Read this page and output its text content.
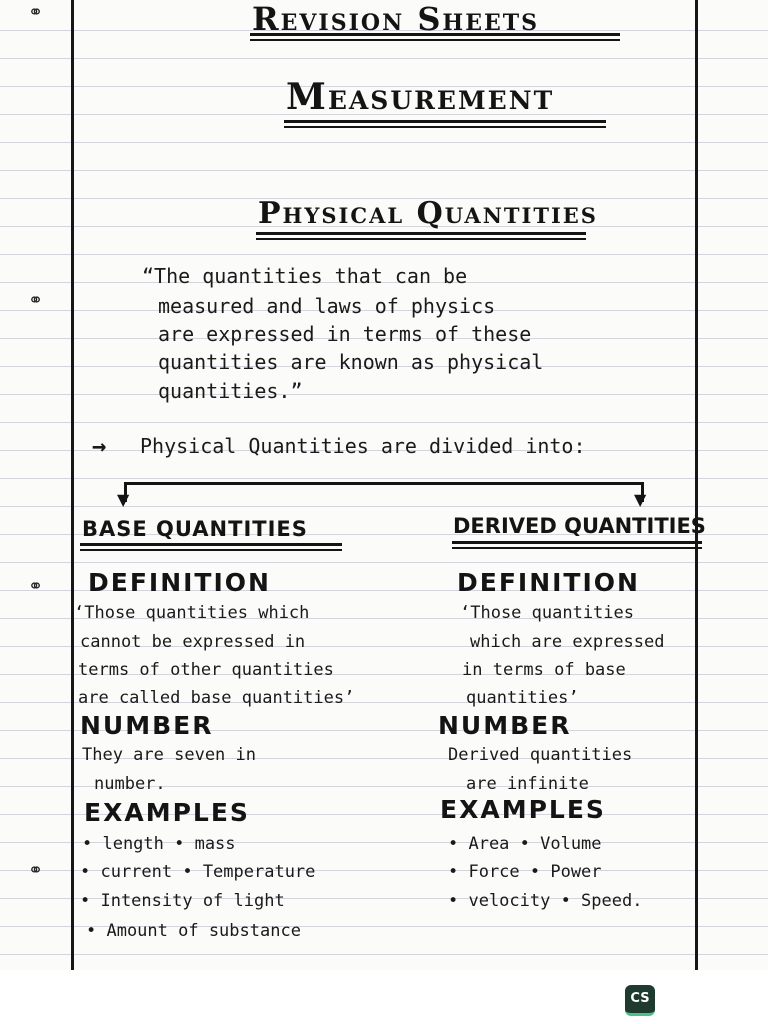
⚭
⚭
⚭
⚭
Revision Sheets
Measurement
Physical Quantities
“The quantities that can be
measured and laws of physics
are expressed in terms of these
quantities are known as physical
quantities.”
→ Physical Quantities are divided into:
▼	▼
BASE QUANTITIES	DERIVED QUANTITIES
DEFINITION
‘Those quantities which
cannot be expressed in
terms of other quantities
are called base quantities’
NUMBER
They are seven in
number.
EXAMPLES
• length • mass
• current • Temperature
• Intensity of light
• Amount of substance
DEFINITION
‘Those quantities
which are expressed
in terms of base
quantities’
NUMBER
Derived quantities
are infinite
EXAMPLES
• Area • Volume
• Force • Power
• velocity • Speed.
CS
